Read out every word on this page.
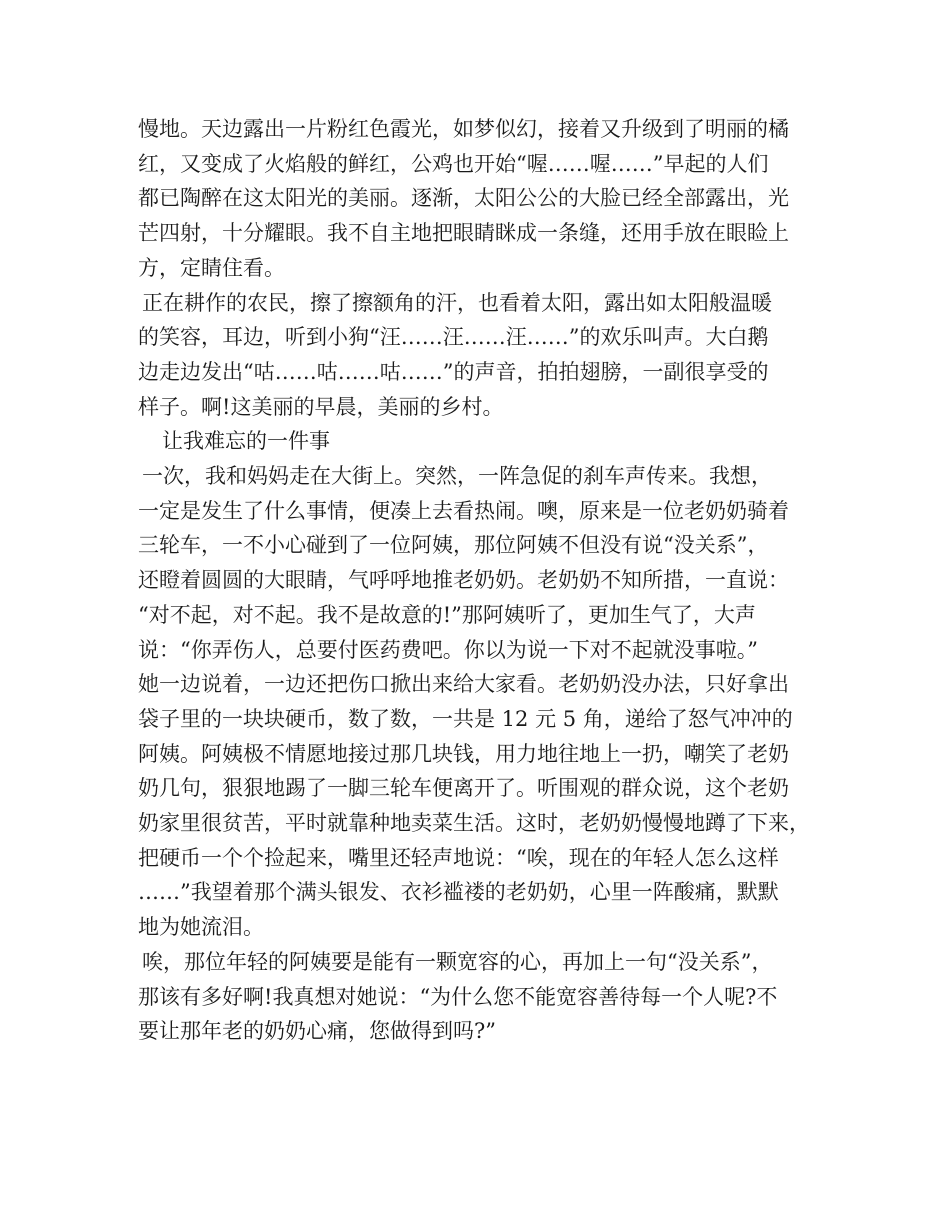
慢地。天边露出一片粉红色霞光，如梦似幻，接着又升级到了明丽的橘
红，又变成了火焰般的鲜红，公鸡也开始“喔……喔……”早起的人们
都已陶醉在这太阳光的美丽。逐渐，太阳公公的大脸已经全部露出，光
芒四射，十分耀眼。我不自主地把眼睛眯成一条缝，还用手放在眼睑上
方，定睛住看。
正在耕作的农民，擦了擦额角的汗，也看着太阳，露出如太阳般温暖
的笑容，耳边，听到小狗“汪……汪……汪……”的欢乐叫声。大白鹅
边走边发出“咕……咕……咕……”的声音，拍拍翅膀，一副很享受的
样子。啊!这美丽的早晨，美丽的乡村。
让我难忘的一件事
一次，我和妈妈走在大街上。突然，一阵急促的刹车声传来。我想，
一定是发生了什么事情，便凑上去看热闹。噢，原来是一位老奶奶骑着
三轮车，一不小心碰到了一位阿姨，那位阿姨不但没有说“没关系”，
还瞪着圆圆的大眼睛，气呼呼地推老奶奶。老奶奶不知所措，一直说：
“对不起，对不起。我不是故意的!”那阿姨听了，更加生气了，大声
说：“你弄伤人，总要付医药费吧。你以为说一下对不起就没事啦。”
她一边说着，一边还把伤口掀出来给大家看。老奶奶没办法，只好拿出
袋子里的一块块硬币，数了数，一共是 12 元 5 角，递给了怒气冲冲的
阿姨。阿姨极不情愿地接过那几块钱，用力地往地上一扔，嘲笑了老奶
奶几句，狠狠地踢了一脚三轮车便离开了。听围观的群众说，这个老奶
奶家里很贫苦，平时就靠种地卖菜生活。这时，老奶奶慢慢地蹲了下来，
把硬币一个个捡起来，嘴里还轻声地说：“唉，现在的年轻人怎么这样
……”我望着那个满头银发、衣衫褴褛的老奶奶，心里一阵酸痛，默默
地为她流泪。
唉，那位年轻的阿姨要是能有一颗宽容的心，再加上一句“没关系”，
那该有多好啊!我真想对她说：“为什么您不能宽容善待每一个人呢?不
要让那年老的奶奶心痛，您做得到吗?”
